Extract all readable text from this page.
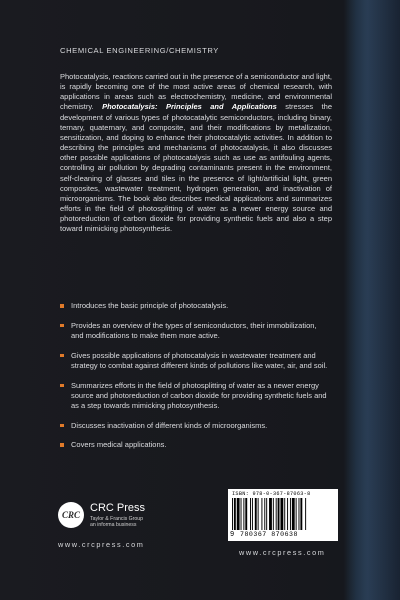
CHEMICAL ENGINEERING/CHEMISTRY
Photocatalysis, reactions carried out in the presence of a semiconductor and light, is rapidly becoming one of the most active areas of chemical research, with applications in areas such as electrochemistry, medicine, and environmental chemistry. Photocatalysis: Principles and Applications stresses the development of various types of photocatalytic semiconductors, including binary, ternary, quaternary, and composite, and their modifications by metallization, sensitization, and doping to enhance their photocatalytic activities. In addition to describing the principles and mechanisms of photocatalysis, it also discusses other possible applications of photocatalysis such as use as antifouling agents, controlling air pollution by degrading contaminants present in the environment, self-cleaning of glasses and tiles in the presence of light/artificial light, green composites, wastewater treatment, hydrogen generation, and inactivation of microorganisms. The book also describes medical applications and summarizes efforts in the field of photosplitting of water as a newer energy source and photoreduction of carbon dioxide for providing synthetic fuels and also a step toward mimicking photosynthesis.
Introduces the basic principle of photocatalysis.
Provides an overview of the types of semiconductors, their immobilization, and modifications to make them more active.
Gives possible applications of photocatalysis in wastewater treatment and strategy to combat against different kinds of pollutions like water, air, and soil.
Summarizes efforts in the field of photosplitting of water as a newer energy source and photoreduction of carbon dioxide for providing synthetic fuels and as a step towards mimicking photosynthesis.
Discusses inactivation of different kinds of microorganisms.
Covers medical applications.
CRC
CRC Press
Taylor & Francis Group
an informa business
www.crcpress.com
ISBN: 978-0-367-87063-8
9 780367 870638
www.crcpress.com
